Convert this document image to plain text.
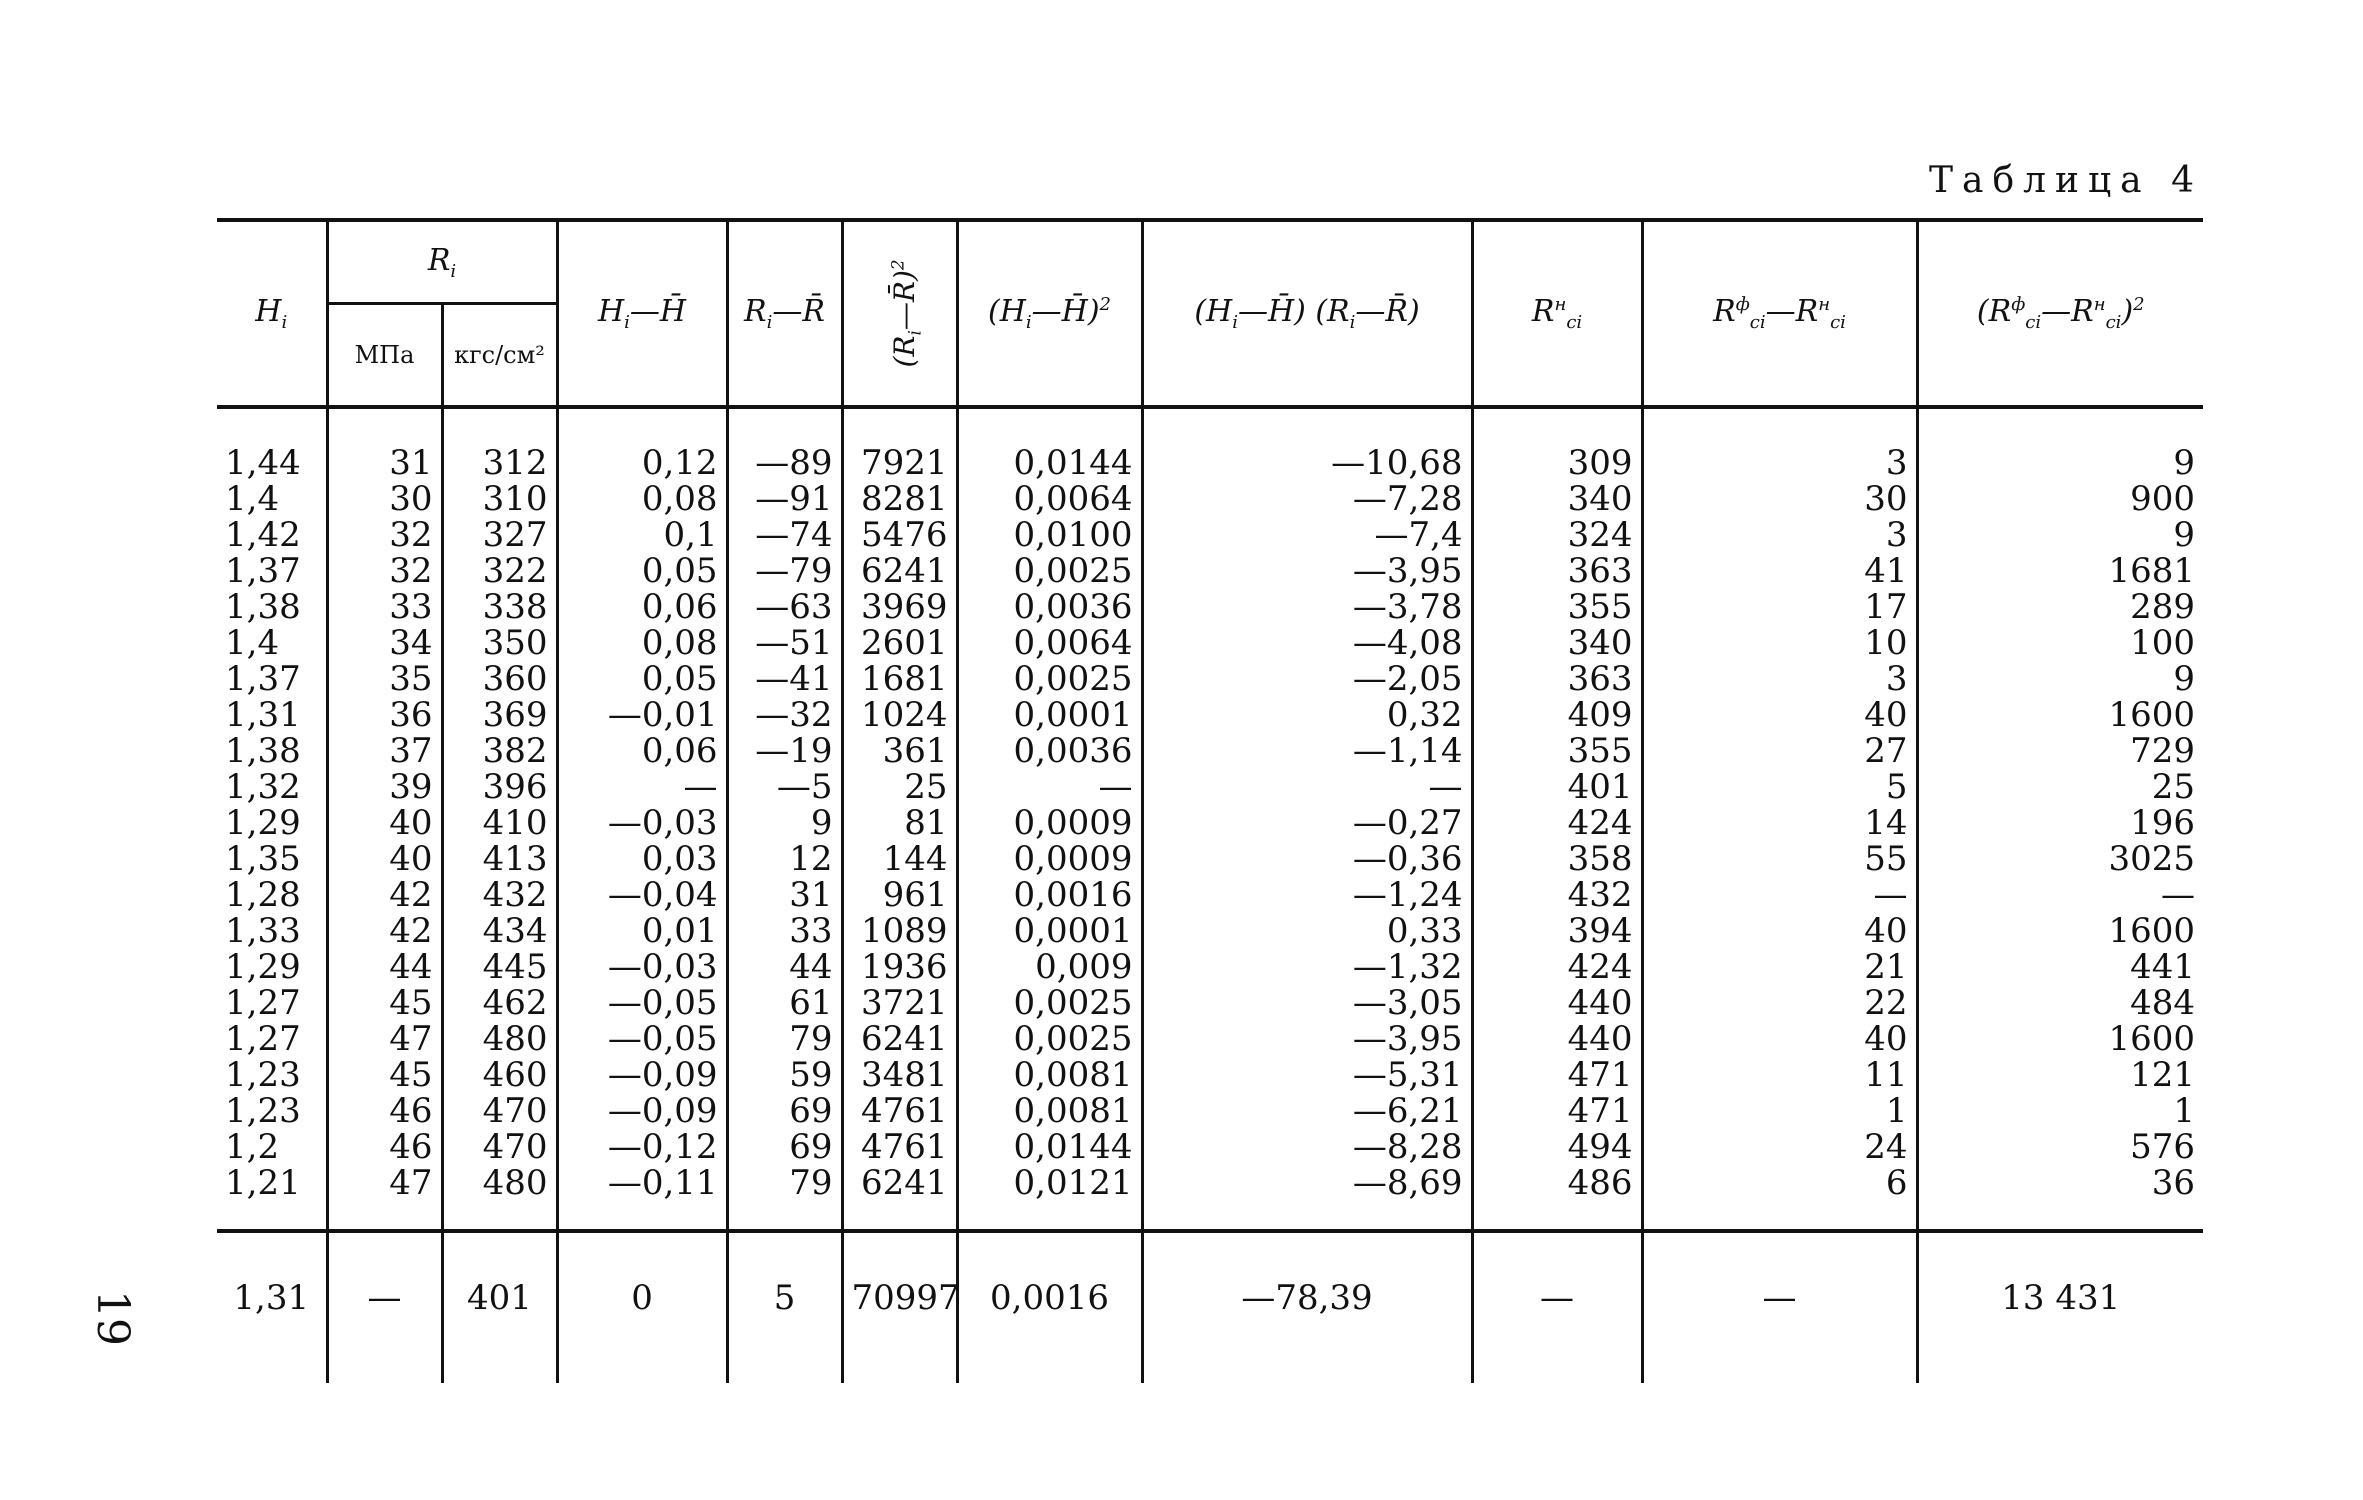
19
Таблица 4
$H_i$	$R_i$		$H_i—H̄$	$R_i—R̄$	$(R_i—R̄)^2$	$(H_i—H̄)^2$	$(H_i—H̄)$ $(R_i—R̄)$	$R^н_{ci}$	$R^ф_{ci}—R^н_{ci}$	$(R^ф_{ci}—R^н_{ci})^2$
	МПа	кгс/см²								
1,44	31	312	0,12	—89	7921	0,0144	—10,68	309	3	9
1,4	30	310	0,08	—91	8281	0,0064	—7,28	340	30	900
1,42	32	327	0,1	—74	5476	0,0100	—7,4	324	3	9
1,37	32	322	0,05	—79	6241	0,0025	—3,95	363	41	1681
1,38	33	338	0,06	—63	3969	0,0036	—3,78	355	17	289
1,4	34	350	0,08	—51	2601	0,0064	—4,08	340	10	100
1,37	35	360	0,05	—41	1681	0,0025	—2,05	363	3	9
1,31	36	369	—0,01	—32	1024	0,0001	0,32	409	40	1600
1,38	37	382	0,06	—19	361	0,0036	—1,14	355	27	729
1,32	39	396	—	—5	25	—	—	401	5	25
1,29	40	410	—0,03	9	81	0,0009	—0,27	424	14	196
1,35	40	413	0,03	12	144	0,0009	—0,36	358	55	3025
1,28	42	432	—0,04	31	961	0,0016	—1,24	432	—	—
1,33	42	434	0,01	33	1089	0,0001	0,33	394	40	1600
1,29	44	445	—0,03	44	1936	0,009	—1,32	424	21	441
1,27	45	462	—0,05	61	3721	0,0025	—3,05	440	22	484
1,27	47	480	—0,05	79	6241	0,0025	—3,95	440	40	1600
1,23	45	460	—0,09	59	3481	0,0081	—5,31	471	11	121
1,23	46	470	—0,09	69	4761	0,0081	—6,21	471	1	1
1,2	46	470	—0,12	69	4761	0,0144	—8,28	494	24	576
1,21	47	480	—0,11	79	6241	0,0121	—8,69	486	6	36
1,31	—	401	0	5	70997	0,0016	—78,39	—	—	13 431
